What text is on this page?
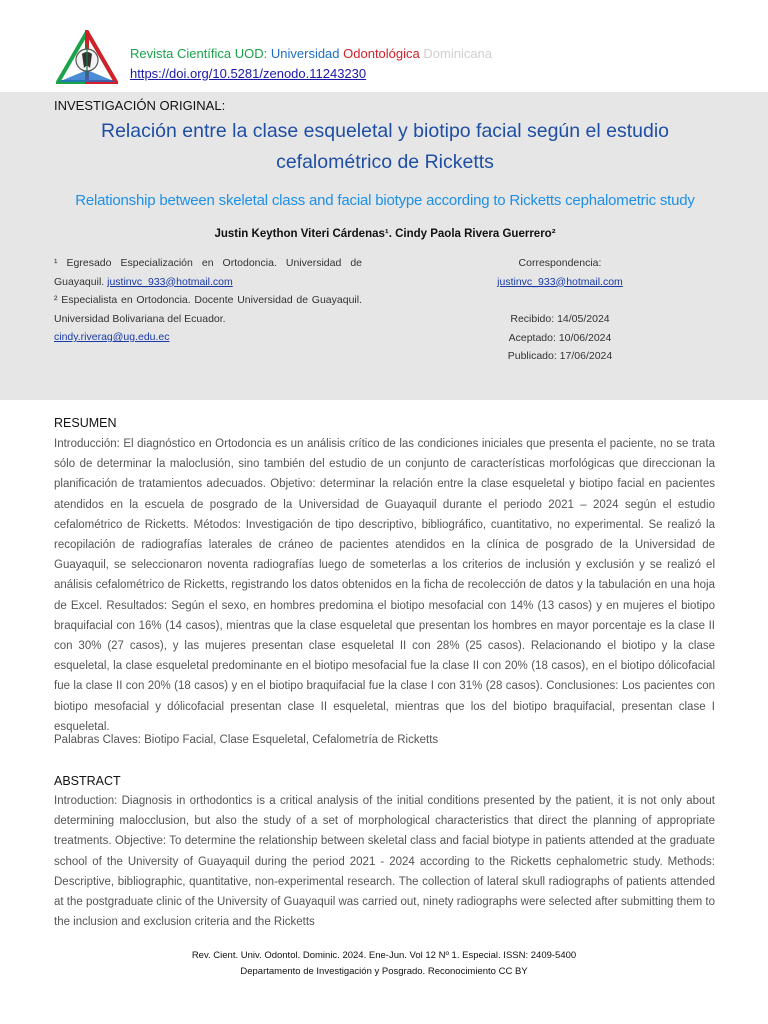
Revista Científica UOD: Universidad Odontológica Dominicana
https://doi.org/10.5281/zenodo.11243230
INVESTIGACIÓN ORIGINAL:
Relación entre la clase esqueletal y biotipo facial según el estudio cefalométrico de Ricketts
Relationship between skeletal class and facial biotype according to Ricketts cephalometric study
Justin Keython Viteri Cárdenas¹. Cindy Paola Rivera Guerrero²
¹ Egresado Especialización en Ortodoncia. Universidad de Guayaquil. justinvc_933@hotmail.com
² Especialista en Ortodoncia. Docente Universidad de Guayaquil. Universidad Bolivariana del Ecuador.
cindy.riverag@ug.edu.ec
Correspondencia:
justinvc_933@hotmail.com
Recibido: 14/05/2024
Aceptado: 10/06/2024
Publicado: 17/06/2024
RESUMEN
Introducción: El diagnóstico en Ortodoncia es un análisis crítico de las condiciones iniciales que presenta el paciente, no se trata sólo de determinar la maloclusión, sino también del estudio de un conjunto de características morfológicas que direccionan la planificación de tratamientos adecuados. Objetivo: determinar la relación entre la clase esqueletal y biotipo facial en pacientes atendidos en la escuela de posgrado de la Universidad de Guayaquil durante el periodo 2021 – 2024 según el estudio cefalométrico de Ricketts. Métodos: Investigación de tipo descriptivo, bibliográfico, cuantitativo, no experimental. Se realizó la recopilación de radiografías laterales de cráneo de pacientes atendidos en la clínica de posgrado de la Universidad de Guayaquil, se seleccionaron noventa radiografías luego de someterlas a los criterios de inclusión y exclusión y se realizó el análisis cefalométrico de Ricketts, registrando los datos obtenidos en la ficha de recolección de datos y la tabulación en una hoja de Excel. Resultados: Según el sexo, en hombres predomina el biotipo mesofacial con 14% (13 casos) y en mujeres el biotipo braquifacial con 16% (14 casos), mientras que la clase esqueletal que presentan los hombres en mayor porcentaje es la clase II con 30% (27 casos), y las mujeres presentan clase esqueletal II con 28% (25 casos). Relacionando el biotipo y la clase esqueletal, la clase esqueletal predominante en el biotipo mesofacial fue la clase II con 20% (18 casos), en el biotipo dólicofacial fue la clase II con 20% (18 casos) y en el biotipo braquifacial fue la clase I con 31% (28 casos). Conclusiones: Los pacientes con biotipo mesofacial y dólicofacial presentan clase II esqueletal, mientras que los del biotipo braquifacial, presentan clase I esqueletal.
Palabras Claves: Biotipo Facial, Clase Esqueletal, Cefalometría de Ricketts
ABSTRACT
Introduction: Diagnosis in orthodontics is a critical analysis of the initial conditions presented by the patient, it is not only about determining malocclusion, but also the study of a set of morphological characteristics that direct the planning of appropriate treatments. Objective: To determine the relationship between skeletal class and facial biotype in patients attended at the graduate school of the University of Guayaquil during the period 2021 - 2024 according to the Ricketts cephalometric study. Methods: Descriptive, bibliographic, quantitative, non-experimental research. The collection of lateral skull radiographs of patients attended at the postgraduate clinic of the University of Guayaquil was carried out, ninety radiographs were selected after submitting them to the inclusion and exclusion criteria and the Ricketts
Rev. Cient. Univ. Odontol. Dominic. 2024. Ene-Jun. Vol 12 Nº 1. Especial. ISSN: 2409-5400
Departamento de Investigación y Posgrado. Reconocimiento CC BY
